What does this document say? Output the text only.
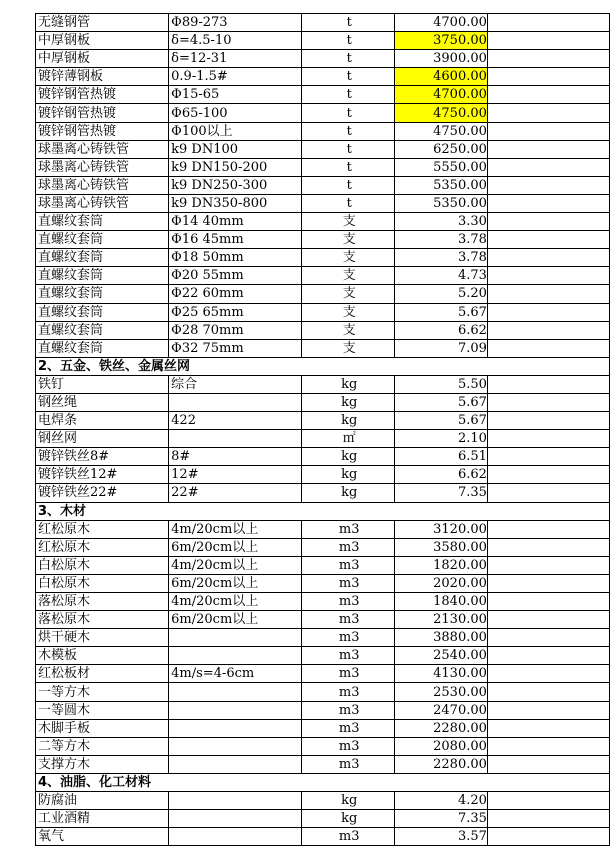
无缝钢管	Φ89-273	t	4700.00	
中厚钢板	δ=4.5-10	t	3750.00	
中厚钢板	δ=12-31	t	3900.00	
镀锌薄钢板	0.9-1.5#	t	4600.00	
镀锌钢管热镀	Φ15-65	t	4700.00	
镀锌钢管热镀	Φ65-100	t	4750.00	
镀锌钢管热镀	Φ100以上	t	4750.00	
球墨离心铸铁管	k9 DN100	t	6250.00	
球墨离心铸铁管	k9 DN150-200	t	5550.00	
球墨离心铸铁管	k9 DN250-300	t	5350.00	
球墨离心铸铁管	k9 DN350-800	t	5350.00	
直螺纹套筒	Φ14 40mm	支	3.30	
直螺纹套筒	Φ16 45mm	支	3.78	
直螺纹套筒	Φ18 50mm	支	3.78	
直螺纹套筒	Φ20 55mm	支	4.73	
直螺纹套筒	Φ22 60mm	支	5.20	
直螺纹套筒	Φ25 65mm	支	5.67	
直螺纹套筒	Φ28 70mm	支	6.62	
直螺纹套筒	Φ32 75mm	支	7.09	
2、五金、铁丝、金属丝网				
铁钉	综合	kg	5.50	
钢丝绳		kg	5.67	
电焊条	422	kg	5.67	
钢丝网		㎡	2.10	
镀锌铁丝8#	8#	kg	6.51	
镀锌铁丝12#	12#	kg	6.62	
镀锌铁丝22#	22#	kg	7.35	
3、木材				
红松原木	4m/20cm以上	m3	3120.00	
红松原木	6m/20cm以上	m3	3580.00	
白松原木	4m/20cm以上	m3	1820.00	
白松原木	6m/20cm以上	m3	2020.00	
落松原木	4m/20cm以上	m3	1840.00	
落松原木	6m/20cm以上	m3	2130.00	
烘干硬木		m3	3880.00	
木模板		m3	2540.00	
红松板材	4m/s=4-6cm	m3	4130.00	
一等方木		m3	2530.00	
一等圆木		m3	2470.00	
木脚手板		m3	2280.00	
二等方木		m3	2080.00	
支撑方木		m3	2280.00	
4、油脂、化工材料				
防腐油		kg	4.20	
工业酒精		kg	7.35	
氧气		m3	3.57	
